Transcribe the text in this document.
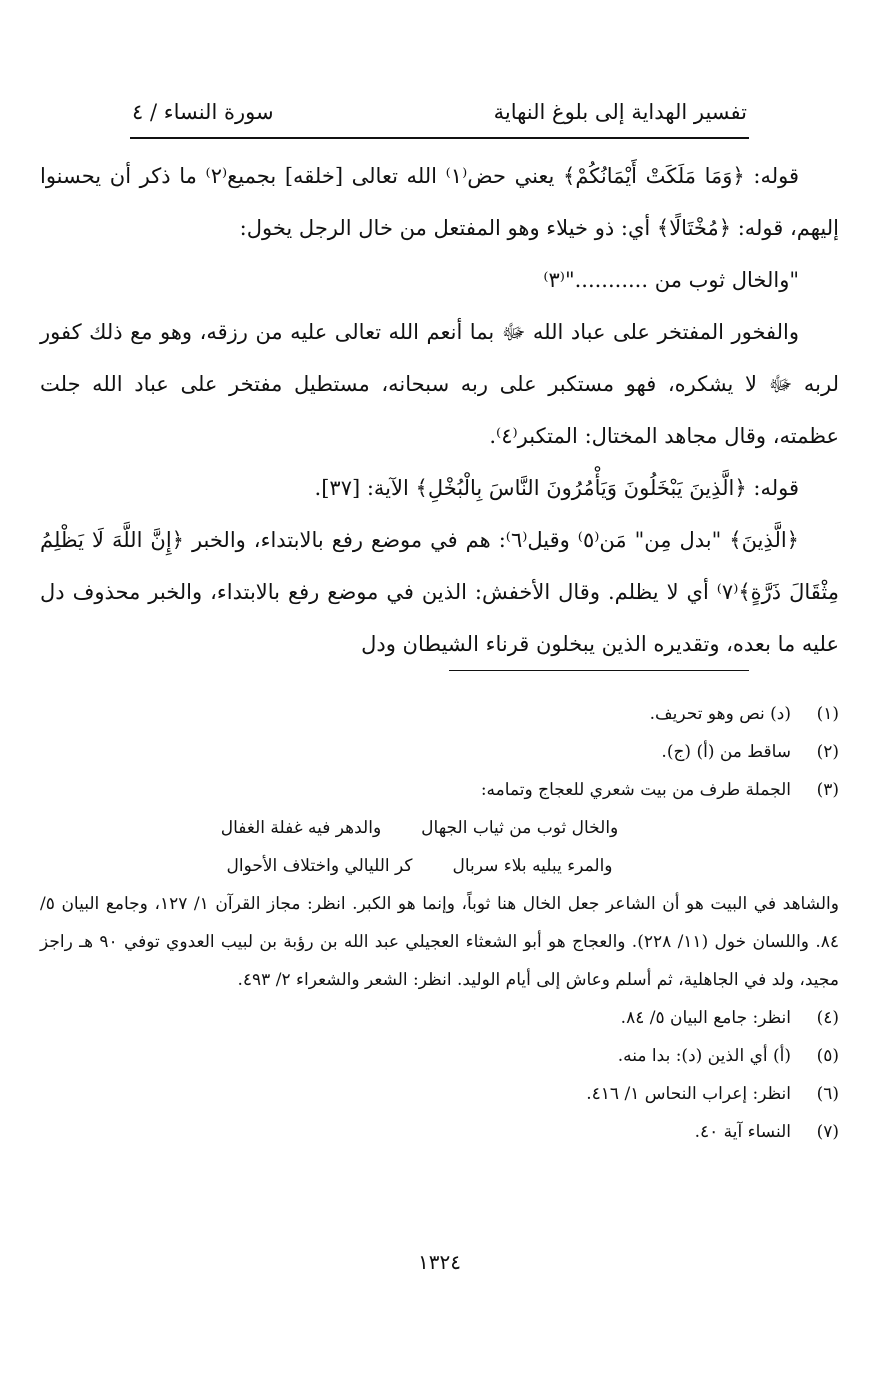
تفسير الهداية إلى بلوغ النهاية
سورة النساء / ٤

قوله: ﴿وَمَا مَلَكَتْ أَيْمَانُكُمْ﴾ يعني حض⁽١⁾ الله تعالى [خلقه] بجميع⁽٢⁾ ما ذكر أن يحسنوا إليهم، قوله: ﴿مُخْتَالًا﴾ أي: ذو خيلاء وهو المفتعل من خال الرجل يخول:

"والخال ثوب من ..........."⁽٣⁾

والفخور المفتخر على عباد الله ﷻ بما أنعم الله تعالى عليه من رزقه، وهو مع ذلك كفور لربه ﷻ لا يشكره، فهو مستكبر على ربه سبحانه، مستطيل مفتخر على عباد الله جلت عظمته، وقال مجاهد المختال: المتكبر⁽٤⁾.

قوله: ﴿الَّذِينَ يَبْخَلُونَ وَيَأْمُرُونَ النَّاسَ بِالْبُخْلِ﴾ الآية: [٣٧].

﴿الَّذِينَ﴾ "بدل مِن" مَن⁽٥⁾ وقيل⁽٦⁾: هم في موضع رفع بالابتداء، والخبر ﴿إِنَّ اللَّهَ لَا يَظْلِمُ مِثْقَالَ ذَرَّةٍ﴾⁽٧⁾ أي لا يظلم. وقال الأخفش: الذين في موضع رفع بالابتداء، والخبر محذوف دل عليه ما بعده، وتقديره الذين يبخلون قرناء الشيطان ودل

(١)
(د) نص وهو تحريف.
(٢)
ساقط من (أ) (ج).
(٣)
الجملة طرف من بيت شعري للعجاج وتمامه:
والخال ثوب من ثياب الجهال
والدهر فيه غفلة الغفال
والمرء يبليه بلاء سربال
كر الليالي واختلاف الأحوال

والشاهد في البيت هو أن الشاعر جعل الخال هنا ثوباً، وإنما هو الكبر. انظر: مجاز القرآن ١/ ١٢٧، وجامع البيان ٥/ ٨٤. واللسان خول (١١/ ٢٢٨). والعجاج هو أبو الشعثاء العجيلي عبد الله بن رؤبة بن لبيب العدوي توفي ٩٠ هـ راجز مجيد، ولد في الجاهلية، ثم أسلم وعاش إلى أيام الوليد. انظر: الشعر والشعراء ٢/ ٤٩٣.

(٤)
انظر: جامع البيان ٥/ ٨٤.
(٥)
(أ) أي الذين (د): بدا منه.
(٦)
انظر: إعراب النحاس ١/ ٤١٦.
(٧)
النساء آية ٤٠.
١٣٢٤
